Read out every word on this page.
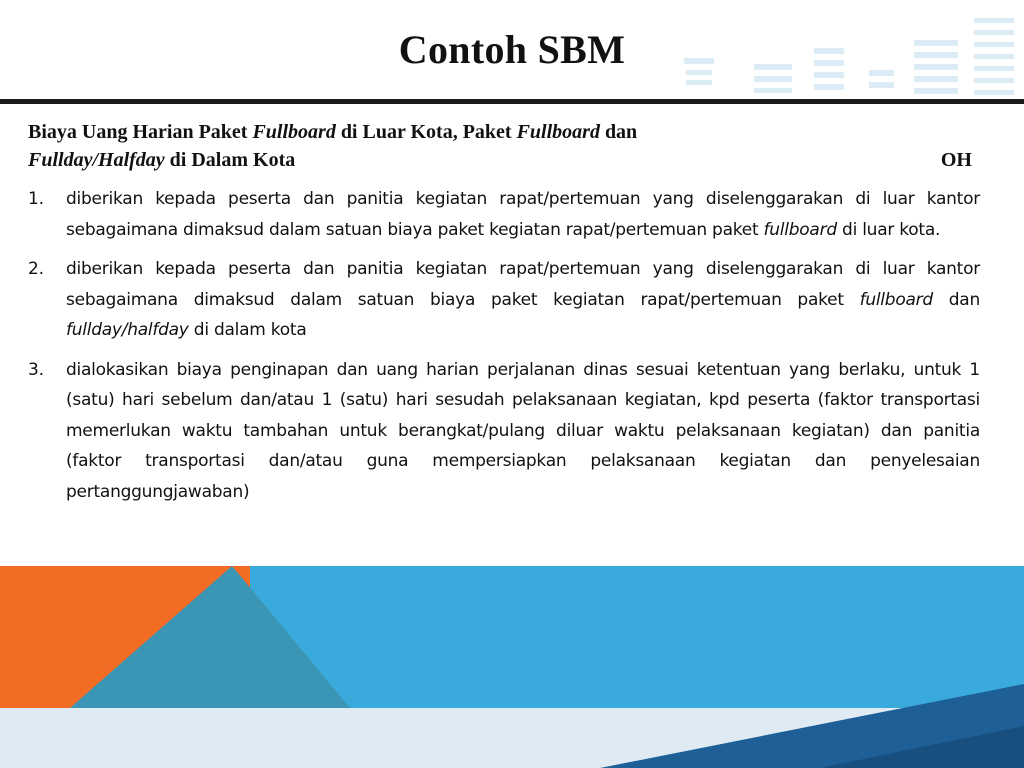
Contoh SBM
Biaya Uang Harian Paket Fullboard di Luar Kota, Paket Fullboard dan
Fullday/Halfday di Dalam Kota	OH
1. diberikan kepada peserta dan panitia kegiatan rapat/pertemuan yang diselenggarakan di luar kantor sebagaimana dimaksud dalam satuan biaya paket kegiatan rapat/pertemuan paket fullboard di luar kota.
2. diberikan kepada peserta dan panitia kegiatan rapat/pertemuan yang diselenggarakan di luar kantor sebagaimana dimaksud dalam satuan biaya paket kegiatan rapat/pertemuan paket fullboard dan fullday/halfday di dalam kota
3. dialokasikan biaya penginapan dan uang harian perjalanan dinas sesuai ketentuan yang berlaku, untuk 1 (satu) hari sebelum dan/atau 1 (satu) hari sesudah pelaksanaan kegiatan, kpd peserta (faktor transportasi memerlukan waktu tambahan untuk berangkat/pulang diluar waktu pelaksanaan kegiatan) dan panitia (faktor transportasi dan/atau guna mempersiapkan pelaksanaan kegiatan dan penyelesaian pertanggungjawaban)
